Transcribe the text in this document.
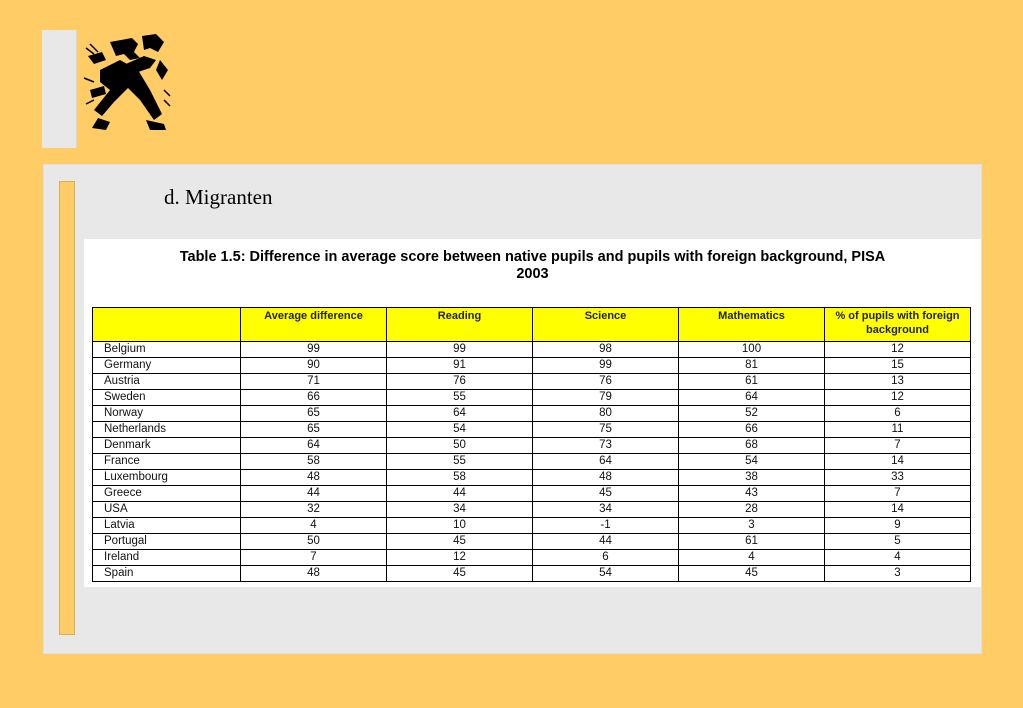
d. Migranten
Table 1.5: Difference in average score between native pupils and pupils with foreign background, PISA
2003
	Average difference	Reading	Science	Mathematics	% of pupils with foreign background
Belgium	99	99	98	100	12
Germany	90	91	99	81	15
Austria	71	76	76	61	13
Sweden	66	55	79	64	12
Norway	65	64	80	52	6
Netherlands	65	54	75	66	11
Denmark	64	50	73	68	7
France	58	55	64	54	14
Luxembourg	48	58	48	38	33
Greece	44	44	45	43	7
USA	32	34	34	28	14
Latvia	4	10	-1	3	9
Portugal	50	45	44	61	5
Ireland	7	12	6	4	4
Spain	48	45	54	45	3
